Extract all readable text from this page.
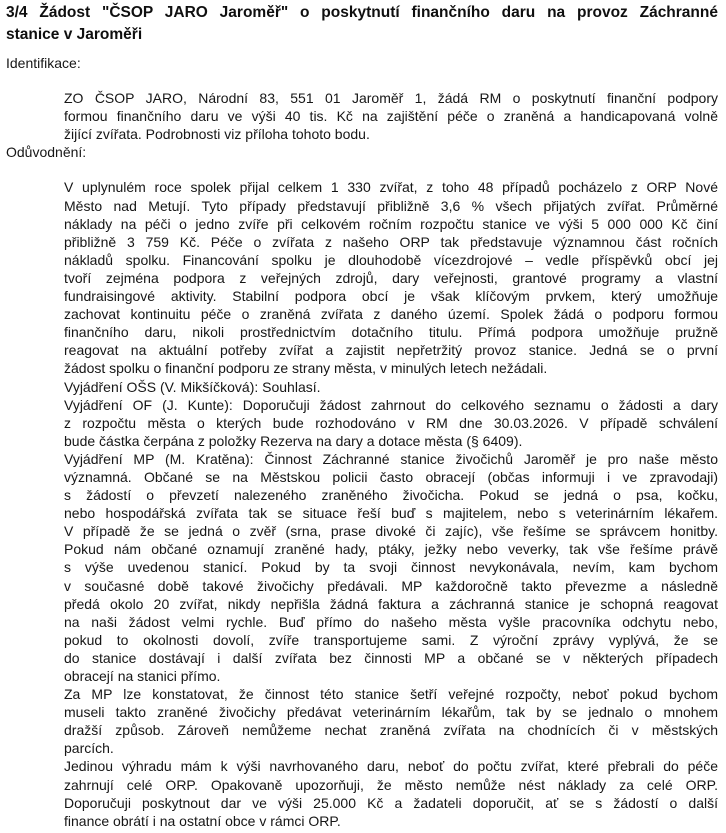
3/4 Žádost "ČSOP JARO Jaroměř" o poskytnutí finančního daru na provoz Záchranné
stanice v Jaroměři
Identifikace:
ZO ČSOP JARO, Národní 83, 551 01 Jaroměř 1, žádá RM o poskytnutí finanční podpory
formou finančního daru ve výši 40 tis. Kč na zajištění péče o zraněná a handicapovaná volně
žijící zvířata. Podrobnosti viz příloha tohoto bodu.
Odůvodnění:
V uplynulém roce spolek přijal celkem 1 330 zvířat, z toho 48 případů pocházelo z ORP Nové
Město nad Metují. Tyto případy představují přibližně 3,6 % všech přijatých zvířat. Průměrné
náklady na péči o jedno zvíře při celkovém ročním rozpočtu stanice ve výši 5 000 000 Kč činí
přibližně 3 759 Kč. Péče o zvířata z našeho ORP tak představuje významnou část ročních
nákladů spolku. Financování spolku je dlouhodobě vícezdrojové – vedle příspěvků obcí jej
tvoří zejména podpora z veřejných zdrojů, dary veřejnosti, grantové programy a vlastní
fundraisingové aktivity. Stabilní podpora obcí je však klíčovým prvkem, který umožňuje
zachovat kontinuitu péče o zraněná zvířata z daného území. Spolek žádá o podporu formou
finančního daru, nikoli prostřednictvím dotačního titulu. Přímá podpora umožňuje pružně
reagovat na aktuální potřeby zvířat a zajistit nepřetržitý provoz stanice. Jedná se o první
žádost spolku o finanční podporu ze strany města, v minulých letech nežádali.
Vyjádření OŠS (V. Mikšíčková): Souhlasí.
Vyjádření OF (J. Kunte): Doporučuji žádost zahrnout do celkového seznamu o žádosti a dary
z rozpočtu města o kterých bude rozhodováno v RM dne 30.03.2026. V případě schválení
bude částka čerpána z položky Rezerva na dary a dotace města (§ 6409).
Vyjádření MP (M. Kratěna): Činnost Záchranné stanice živočichů Jaroměř je pro naše město
významná. Občané se na Městskou policii často obracejí (občas informuji i ve zpravodaji)
s žádostí o převzetí nalezeného zraněného živočicha. Pokud se jedná o psa, kočku,
nebo hospodářská zvířata tak se situace řeší buď s majitelem, nebo s veterinárním lékařem.
V případě že se jedná o zvěř (srna, prase divoké či zajíc), vše řešíme se správcem honitby.
Pokud nám občané oznamují zraněné hady, ptáky, ježky nebo veverky, tak vše řešíme právě
s výše uvedenou stanicí. Pokud by ta svoji činnost nevykonávala, nevím, kam bychom
v současné době takové živočichy předávali. MP každoročně takto převezme a následně
předá okolo 20 zvířat, nikdy nepřišla žádná faktura a záchranná stanice je schopná reagovat
na naši žádost velmi rychle. Buď přímo do našeho města vyšle pracovníka odchytu nebo,
pokud to okolnosti dovolí, zvíře transportujeme sami. Z výroční zprávy vyplývá, že se
do stanice dostávají i další zvířata bez činnosti MP a občané se v některých případech
obracejí na stanici přímo.
Za MP lze konstatovat, že činnost této stanice šetří veřejné rozpočty, neboť pokud bychom
museli takto zraněné živočichy předávat veterinárním lékařům, tak by se jednalo o mnohem
dražší způsob. Zároveň nemůžeme nechat zraněná zvířata na chodnících či v městských
parcích.
Jedinou výhradu mám k výši navrhovaného daru, neboť do počtu zvířat, které přebrali do péče
zahrnují celé ORP. Opakovaně upozorňuji, že město nemůže nést náklady za celé ORP.
Doporučuji poskytnout dar ve výši 25.000 Kč a žadateli doporučit, ať se s žádostí o další
finance obrátí i na ostatní obce v rámci ORP.
